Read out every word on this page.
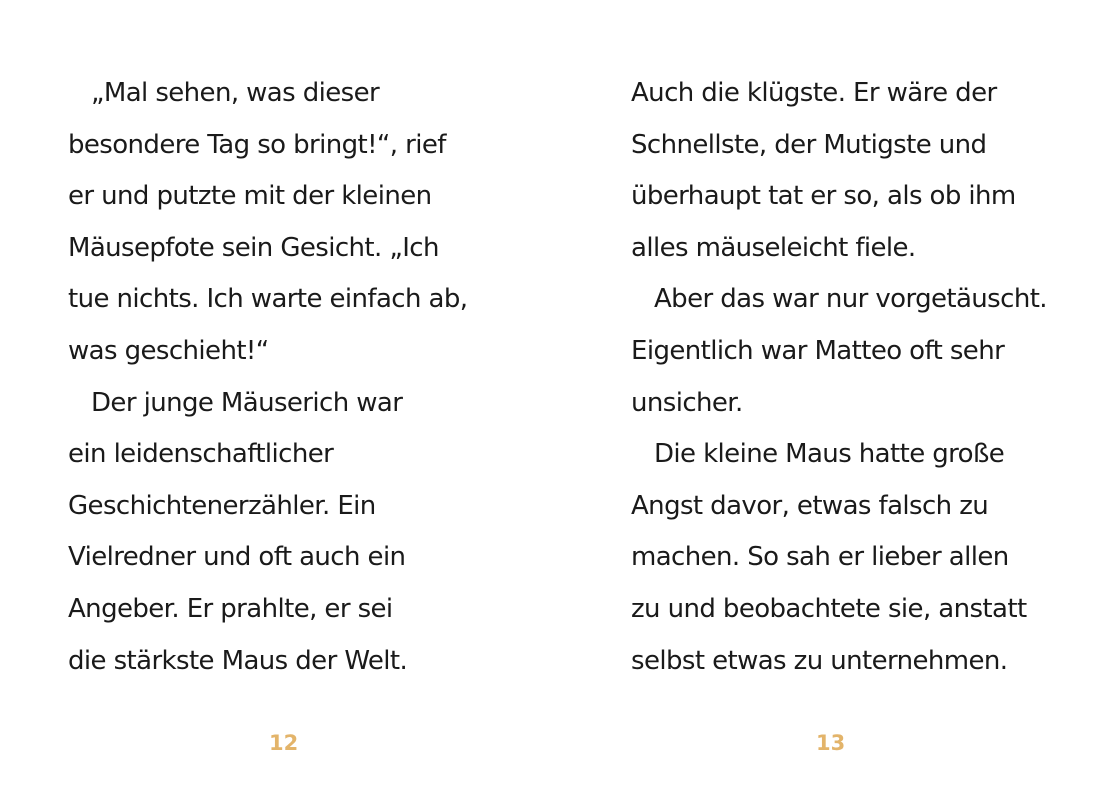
„Mal sehen, was dieser
besondere Tag so bringt!“, rief
er und putzte mit der kleinen
Mäusepfote sein Gesicht. „Ich
tue nichts. Ich warte einfach ab,
was geschieht!“
Der junge Mäuserich war
ein leidenschaftlicher
Geschichtenerzähler. Ein
Vielredner und oft auch ein
Angeber. Er prahlte, er sei
die stärkste Maus der Welt.
12
Auch die klügste. Er wäre der
Schnellste, der Mutigste und
überhaupt tat er so, als ob ihm
alles mäuseleicht fiele.
Aber das war nur vorgetäuscht.
Eigentlich war Matteo oft sehr
unsicher.
Die kleine Maus hatte große
Angst davor, etwas falsch zu
machen. So sah er lieber allen
zu und beobachtete sie, anstatt
selbst etwas zu unternehmen.
13
